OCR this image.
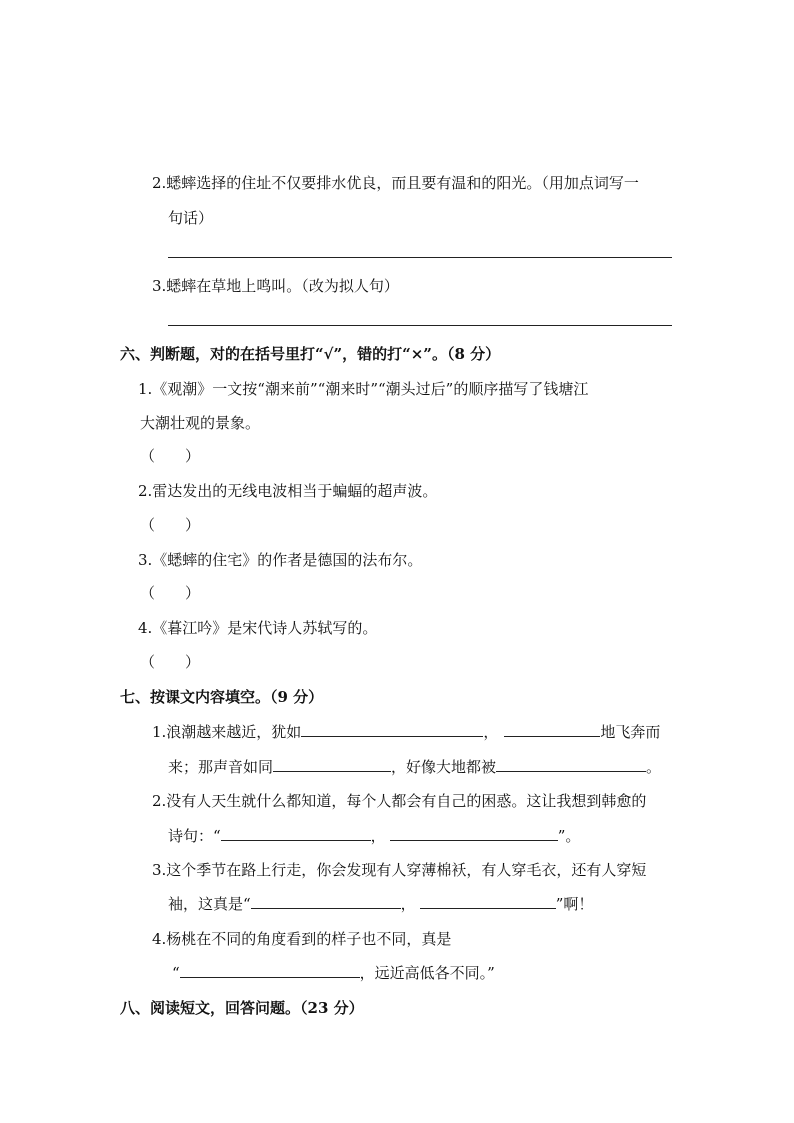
2.蟋蟀选择的住址不仅要排水优良，而且要有温和的阳光。（用加点词写一
句话）
3.蟋蟀在草地上鸣叫。（改为拟人句）
六、判断题，对的在括号里打“√”，错的打“×”。（8 分）
1.《观潮》一文按“潮来前”“潮来时”“潮头过后”的顺序描写了钱塘江
大潮壮观的景象。
（　　）
2.雷达发出的无线电波相当于蝙蝠的超声波。
（　　）
3.《蟋蟀的住宅》的作者是德国的法布尔。
（　　）
4.《暮江吟》是宋代诗人苏轼写的。
（　　）
七、按课文内容填空。（9 分）
1.浪潮越来越近，犹如	，	地飞奔而
来；那声音如同	，好像大地都被	。
2.没有人天生就什么都知道，每个人都会有自己的困惑。这让我想到韩愈的
诗句：“	，	”。
3.这个季节在路上行走，你会发现有人穿薄棉袄，有人穿毛衣，还有人穿短
袖，这真是“	，	”啊！
4.杨桃在不同的角度看到的样子也不同，真是
“	，远近高低各不同。”
八、阅读短文，回答问题。（23 分）
